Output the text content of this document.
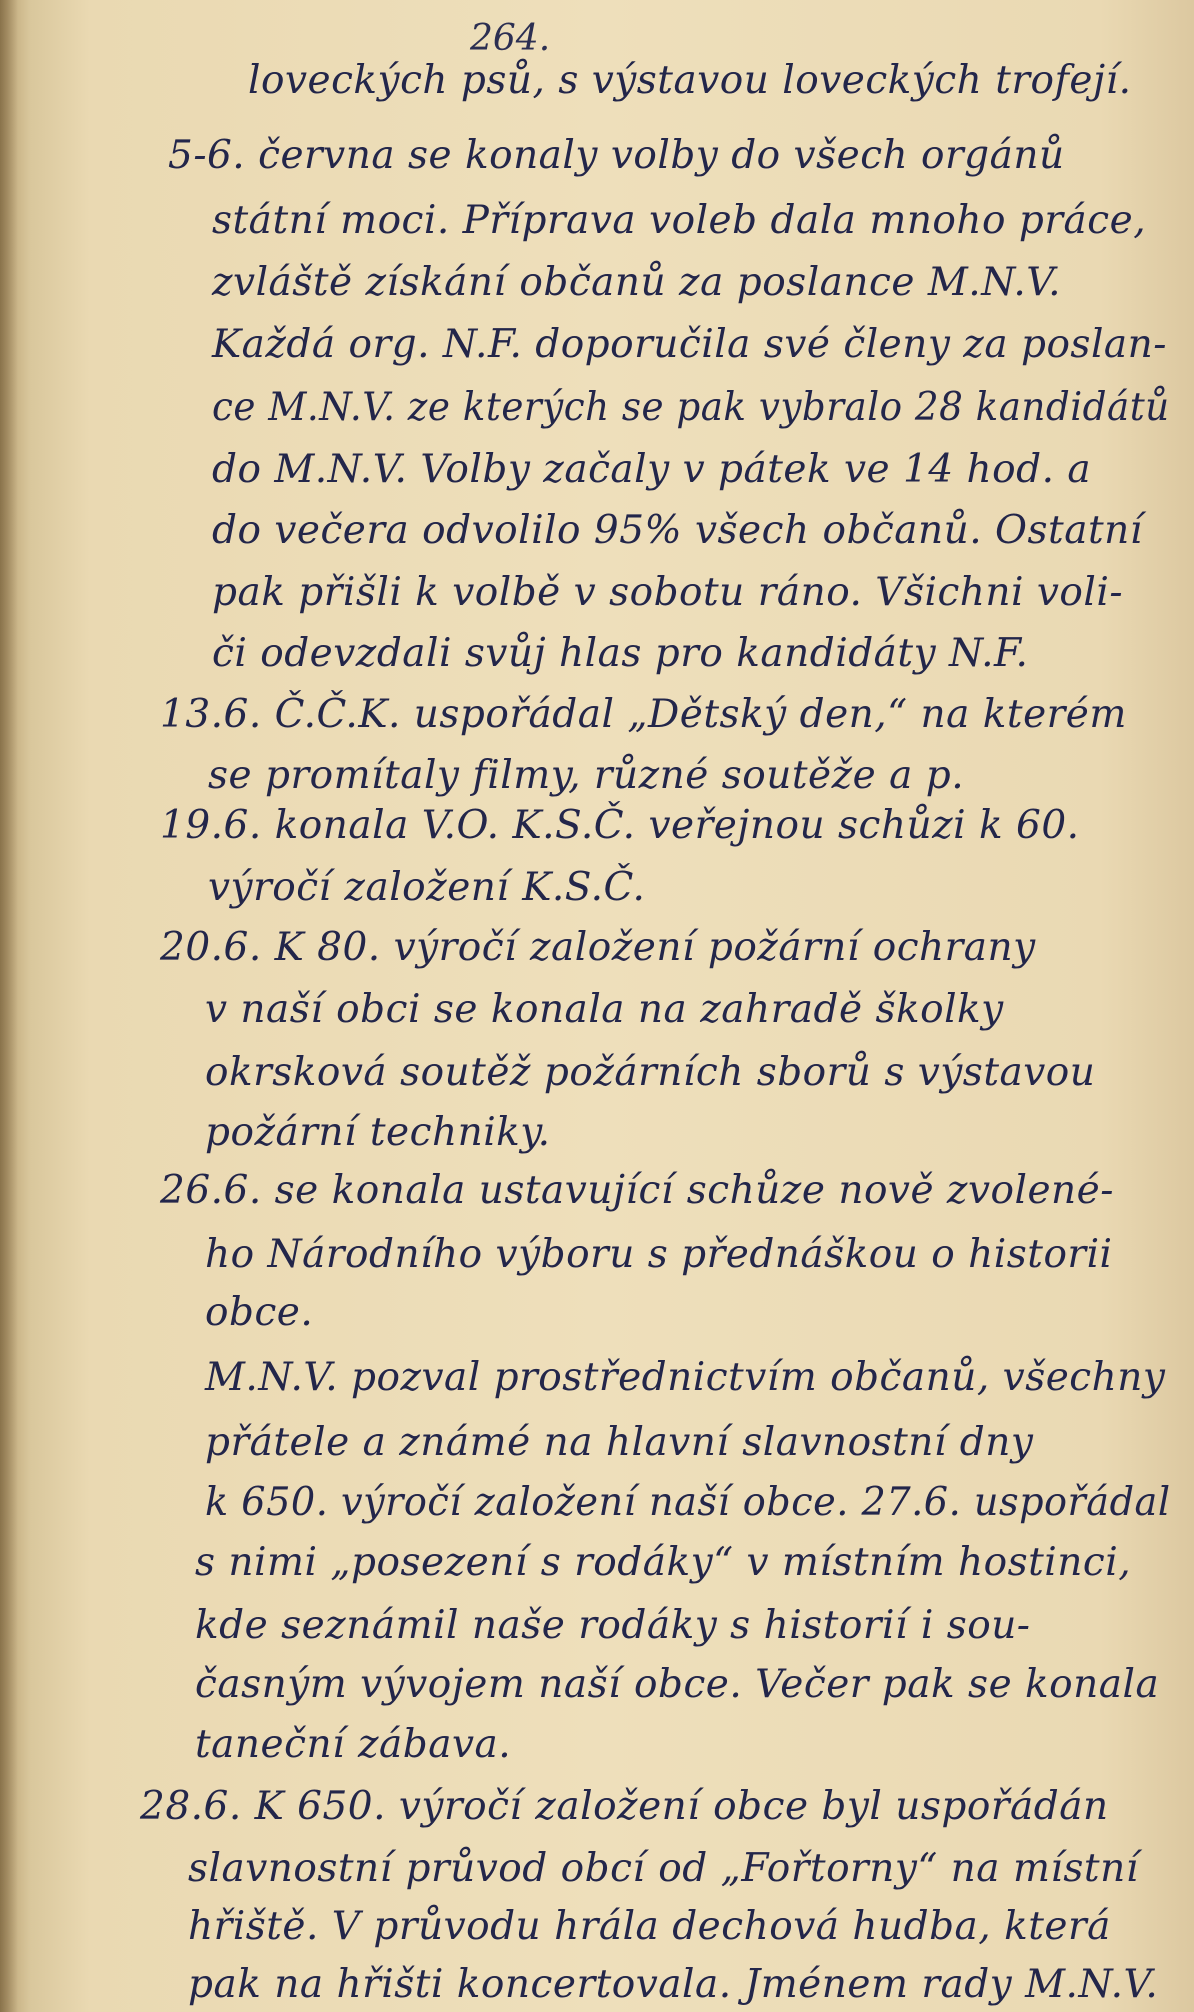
264.
loveckých psů, s výstavou loveckých trofejí.
5-6. června se konaly volby do všech orgánů
státní moci. Příprava voleb dala mnoho práce,
zvláště získání občanů za poslance M.N.V.
Každá org. N.F. doporučila své členy za poslan-
ce M.N.V. ze kterých se pak vybralo 28 kandidátů
do M.N.V. Volby začaly v pátek ve 14 hod. a
do večera odvolilo 95% všech občanů. Ostatní
pak přišli k volbě v sobotu ráno. Všichni voli-
či odevzdali svůj hlas pro kandidáty N.F.
13.6. Č.Č.K. uspořádal „Dětský den,“ na kterém
se promítaly filmy, různé soutěže a p.
19.6. konala V.O. K.S.Č. veřejnou schůzi k 60.
výročí založení K.S.Č.
20.6. K 80. výročí založení požární ochrany
v naší obci se konala na zahradě školky
okrsková soutěž požárních sborů s výstavou
požární techniky.
26.6. se konala ustavující schůze nově zvolené-
ho Národního výboru s přednáškou o historii
obce.
M.N.V. pozval prostřednictvím občanů, všechny
přátele a známé na hlavní slavnostní dny
k 650. výročí založení naší obce. 27.6. uspořádal
s nimi „posezení s rodáky“ v místním hostinci,
kde seznámil naše rodáky s historií i sou-
časným vývojem naší obce. Večer pak se konala
taneční zábava.
28.6. K 650. výročí založení obce byl uspořádán
slavnostní průvod obcí od „Fořtorny“ na místní
hřiště. V průvodu hrála dechová hudba, která
pak na hřišti koncertovala. Jménem rady M.N.V.
